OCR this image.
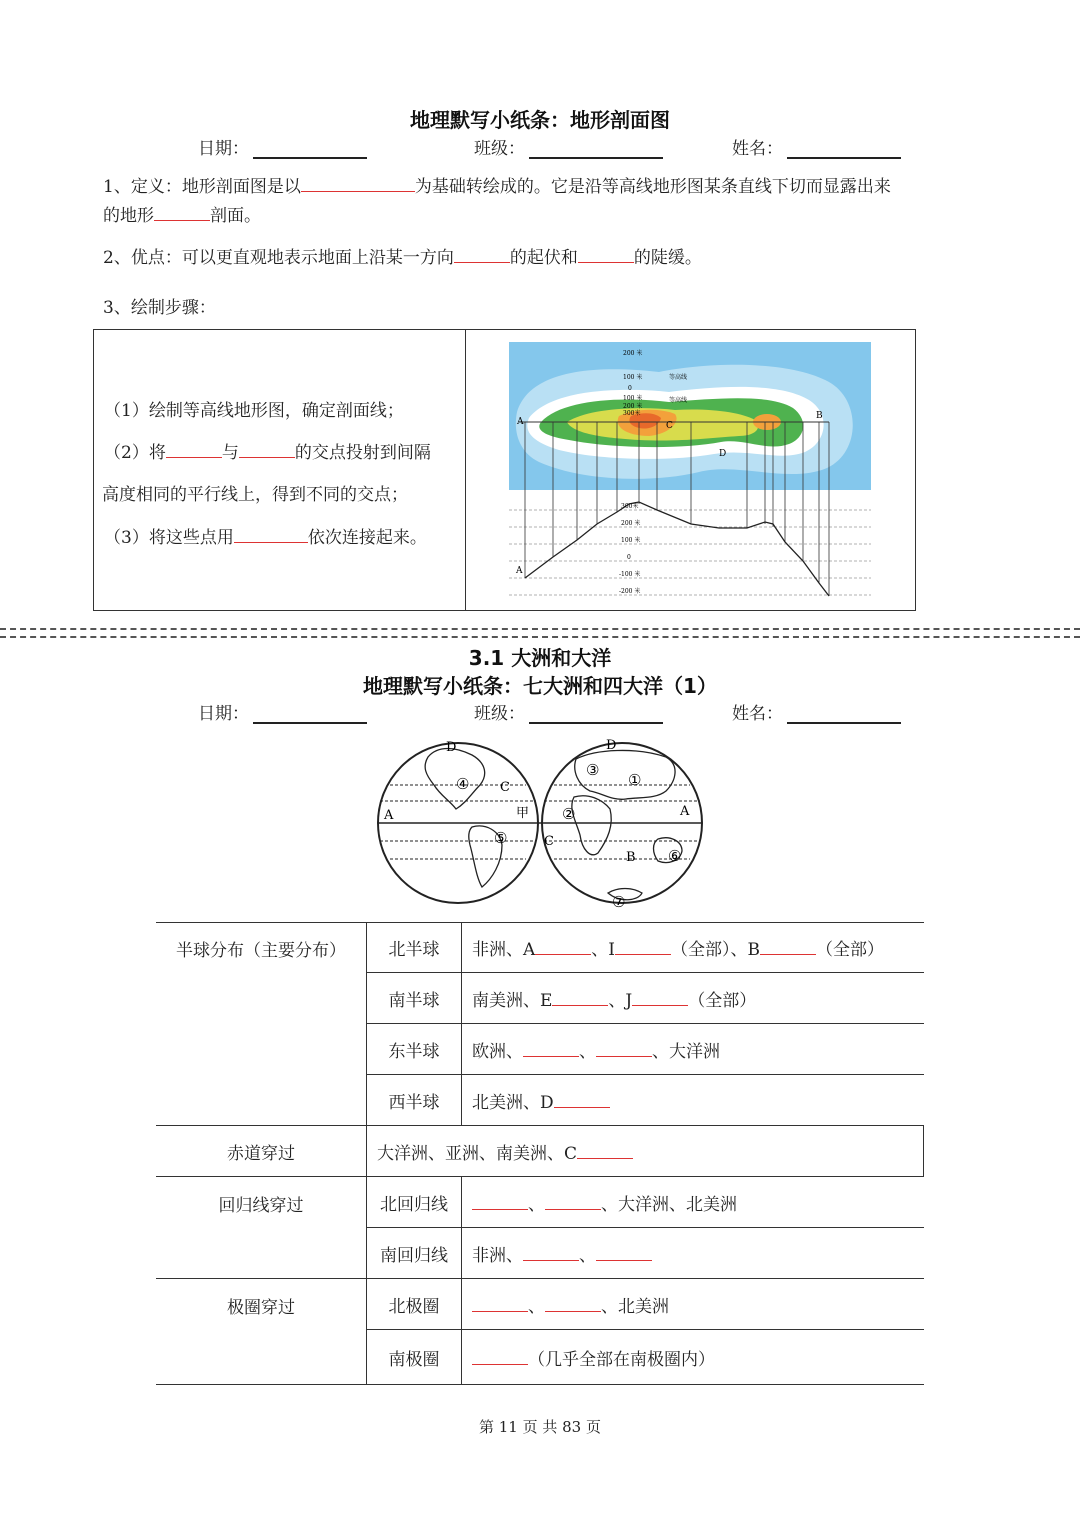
地理默写小纸条：地形剖面图
日期：	班级：	姓名：
1、定义：地形剖面图是以	为基础转绘成的。它是沿等高线地形图某条直线下切而显露出来
的地形	剖面。
2、优点：可以更直观地表示地面上沿某一方向	的起伏和	的陡缓。
3、绘制步骤：
（1）绘制等高线地形图，确定剖面线；
（2）将	与	的交点投射到间隔
高度相同的平行线上，得到不同的交点；
（3）将这些点用	依次连接起来。
A
B
C
D
200 米
100 米	等高线
0
100 米	等高线
200 米
300米
300米
200 米
100 米
0
-100 米
-200 米
A
3.1 大洲和大洋
地理默写小纸条：七大洲和四大洋（1）
日期：	班级：	姓名：
D
④ C
甲
A
⑤
D
③
①
②
C
A
B ⑥
⑦
半球分布（主要分布）	北半球	非洲、A 、I （全部）、B （全部）
	南半球	南美洲、E 、J （全部）
	东半球	欧洲、 、 、大洋洲
	西半球	北美洲、D
赤道穿过	大洋洲、亚洲、南美洲、C	
回归线穿过	北回归线	、 、大洋洲、北美洲
	南回归线	非洲、 、
极圈穿过	北极圈	、 、北美洲
	南极圈	（几乎全部在南极圈内）
第 11 页 共 83 页
